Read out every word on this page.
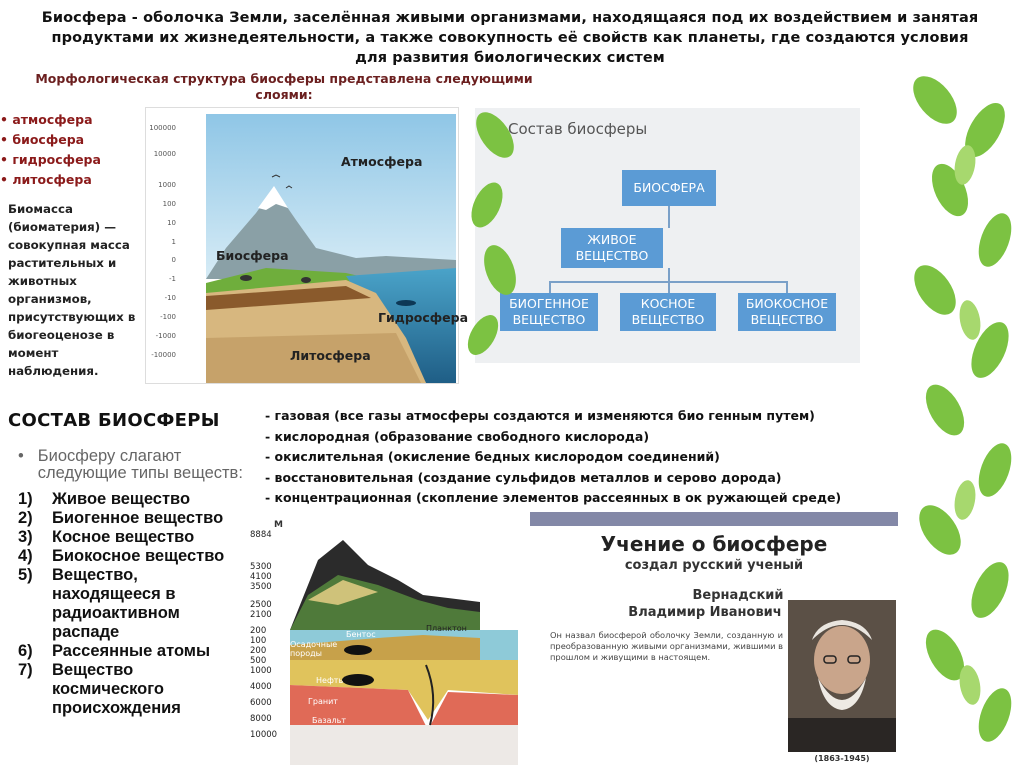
Биосфера - оболочка Земли, заселённая живыми организмами, находящаяся под их воздействием и занятая продуктами их жизнедеятельности, а также совокупность её свойств как планеты, где создаются условия для развития биологических систем
Морфологическая структура биосферы представлена следующими слоями:
• атмосфера
• биосфера
• гидросфера
• литосфера
Биомасса (биоматерия) — совокупная масса растительных и животных организмов, присутствующих в биогеоценозе в момент наблюдения.
100000
10000
1000
100
10
1
0
-1
-10
-100
-1000
-10000
Атмосфера
Биосфера
Гидросфера
Литосфера
Состав биосферы
БИОСФЕРА
ЖИВОЕ ВЕЩЕСТВО
БИОГЕННОЕ ВЕЩЕСТВО
КОСНОЕ ВЕЩЕСТВО
БИОКОСНОЕ ВЕЩЕСТВО
СОСТАВ БИОСФЕРЫ	- газовая (все газы атмосферы создаются и изменяются био генным путем)
- кислородная (образование свободного кислорода)
- окислительная (окисление бедных кислородом соединений)
- восстановительная (создание сульфидов металлов и серово дорода)
- концентрационная (скопление элементов рассеянных в ок ружающей среде)
• Биосферу слагают следующие типы веществ:
1)	Живое вещество
2)	Биогенное вещество
3)	Косное вещество
4)	Биокосное вещество
5)	Вещество, находящееся в радиоактивном распаде
6)	Рассеянные атомы
7)	Вещество космического происхождения
М
8884
5300
4100
3500
2500
2100
200
100
200
500
1000
4000
6000
8000
10000
Осадочные породы
Бентос
Планктон
Нефть
Гранит
Базальт
Учение о биосфере
создал русский ученый
Вернадский
Владимир Иванович
Он назвал биосферой оболочку Земли, созданную и преобразованную живыми организмами, жившими в прошлом и живущими в настоящем.
(1863-1945)
